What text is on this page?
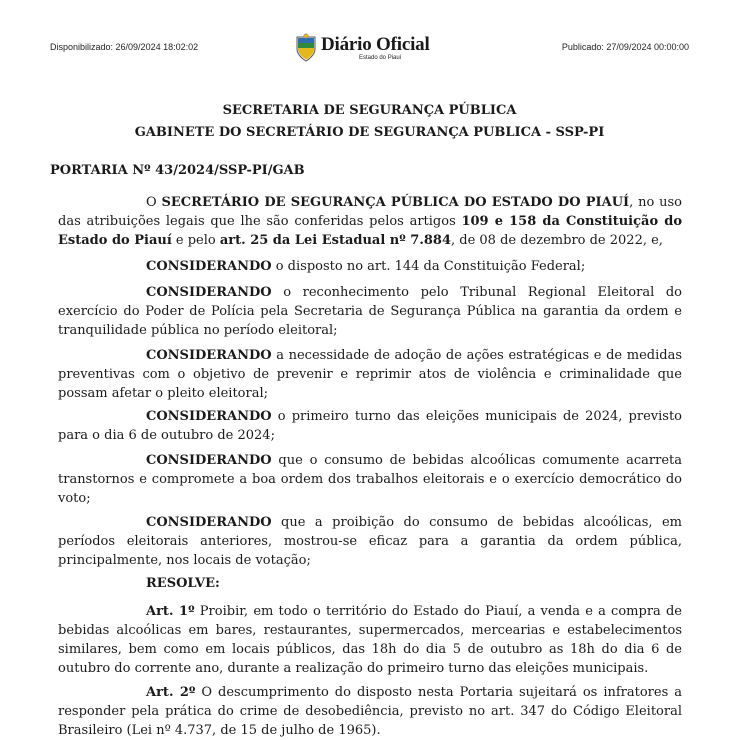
Disponibilizado: 26/09/2024 18:02:02	Diário Oficial
Estado do Piauí
Publicado: 27/09/2024 00:00:00
SECRETARIA DE SEGURANÇA PÚBLICA
GABINETE DO SECRETÁRIO DE SEGURANÇA PUBLICA - SSP-PI
PORTARIA Nº 43/2024/SSP-PI/GAB

O SECRETÁRIO DE SEGURANÇA PÚBLICA DO ESTADO DO PIAUÍ, no uso das atribuições legais que lhe são conferidas pelos artigos 109 e 158 da Constituição do Estado do Piauí e pelo art. 25 da Lei Estadual nº 7.884, de 08 de dezembro de 2022, e,

CONSIDERANDO o disposto no art. 144 da Constituição Federal;

CONSIDERANDO o reconhecimento pelo Tribunal Regional Eleitoral do exercício do Poder de Polícia pela Secretaria de Segurança Pública na garantia da ordem e tranquilidade pública no período eleitoral;

CONSIDERANDO a necessidade de adoção de ações estratégicas e de medidas preventivas com o objetivo de prevenir e reprimir atos de violência e criminalidade que possam afetar o pleito eleitoral;

CONSIDERANDO o primeiro turno das eleições municipais de 2024, previsto para o dia 6 de outubro de 2024;

CONSIDERANDO que o consumo de bebidas alcoólicas comumente acarreta transtornos e compromete a boa ordem dos trabalhos eleitorais e o exercício democrático do voto;

CONSIDERANDO que a proibição do consumo de bebidas alcoólicas, em períodos eleitorais anteriores, mostrou-se eficaz para a garantia da ordem pública, principalmente, nos locais de votação;

RESOLVE:

Art. 1º Proibir, em todo o território do Estado do Piauí, a venda e a compra de bebidas alcoólicas em bares, restaurantes, supermercados, mercearias e estabelecimentos similares, bem como em locais públicos, das 18h do dia 5 de outubro as 18h do dia 6 de outubro do corrente ano, durante a realização do primeiro turno das eleições municipais.

Art. 2º O descumprimento do disposto nesta Portaria sujeitará os infratores a responder pela prática do crime de desobediência, previsto no art. 347 do Código Eleitoral Brasileiro (Lei nº 4.737, de 15 de julho de 1965).
